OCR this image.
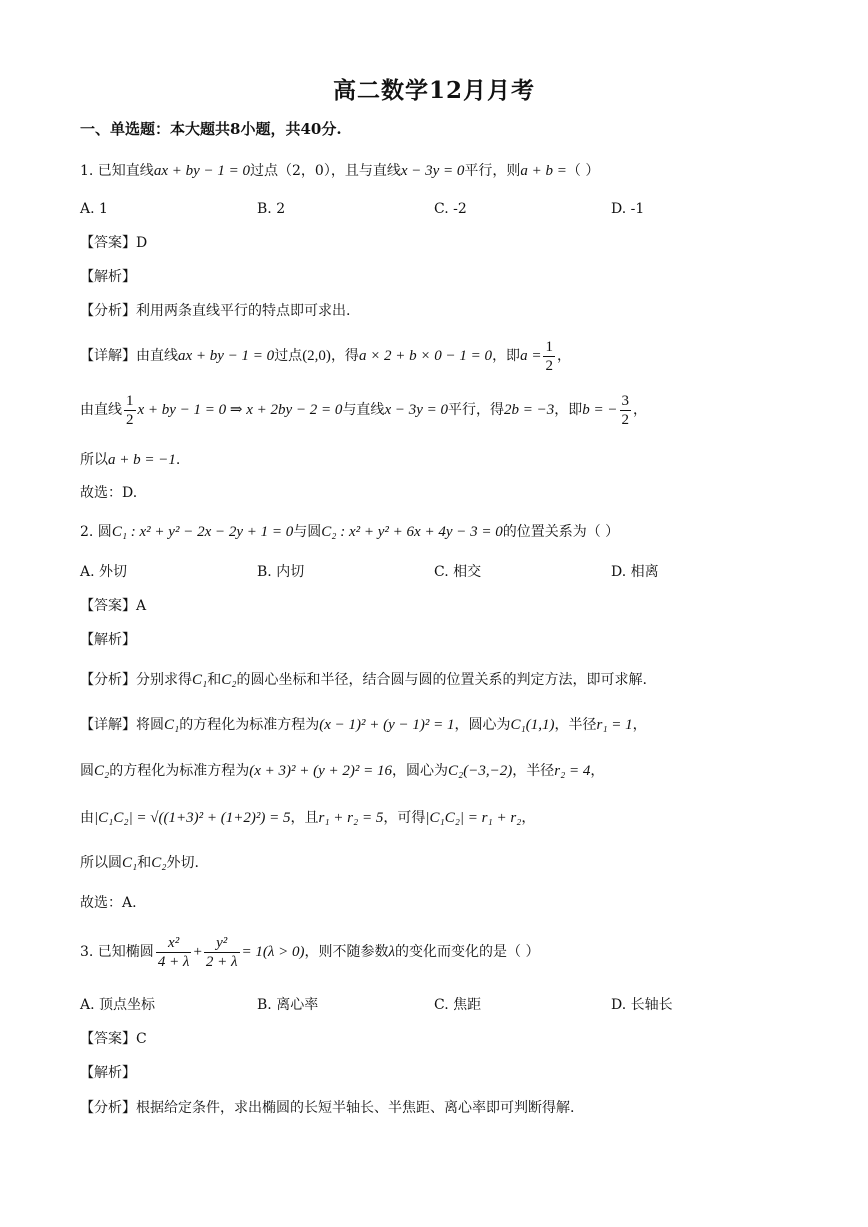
高二数学12月月考
一、单选题：本大题共8小题，共40分.
1. 已知直线ax + by − 1 = 0过点（2，0），且与直线x − 3y = 0平行，则a + b =（ ）
A. 1	B. 2	C. -2	D. -1
【答案】D
【解析】
【分析】利用两条直线平行的特点即可求出.
【详解】由直线ax + by − 1 = 0过点(2,0)，得a × 2 + b × 0 − 1 = 0，即$a = \frac{1}{2}$ ，
由直线 $\frac{1}{2}$ x + by − 1 = 0 ⇒ x + 2by − 2 = 0与直线x − 3y = 0平行，得2b = −3，即b = − $\frac{3}{2}$ ，
所以a + b = −1.
故选：D.
2. 圆C₁ : x² + y² − 2x − 2y + 1 = 0与圆C₂ : x² + y² + 6x + 4y − 3 = 0的位置关系为（ ）
A. 外切	B. 内切	C. 相交	D. 相离
【答案】A
【解析】
【分析】分别求得C₁和C₂的圆心坐标和半径，结合圆与圆的位置关系的判定方法，即可求解.
【详解】将圆C₁的方程化为标准方程为(x − 1)² + (y − 1)² = 1，圆心为C₁(1,1)，半径r₁ = 1，
圆C₂的方程化为标准方程为(x + 3)² + (y + 2)² = 16，圆心为C₂(−3,−2)，半径r₂ = 4，
由|C₁C₂| = √((1+3)² + (1+2)²) = 5，且r₁ + r₂ = 5，可得|C₁C₂| = r₁ + r₂，
所以圆C₁和C₂外切.
故选：A.
3. 已知椭圆 $\frac{\text{x²}}{4 + \lambda} + \frac{\text{y²}}{2 + \lambda} = 1(\lambda > 0)$，则不随参数λ的变化而变化的是（ ）
A. 顶点坐标	B. 离心率	C. 焦距	D. 长轴长
【答案】C
【解析】
【分析】根据给定条件，求出椭圆的长短半轴长、半焦距、离心率即可判断得解.
